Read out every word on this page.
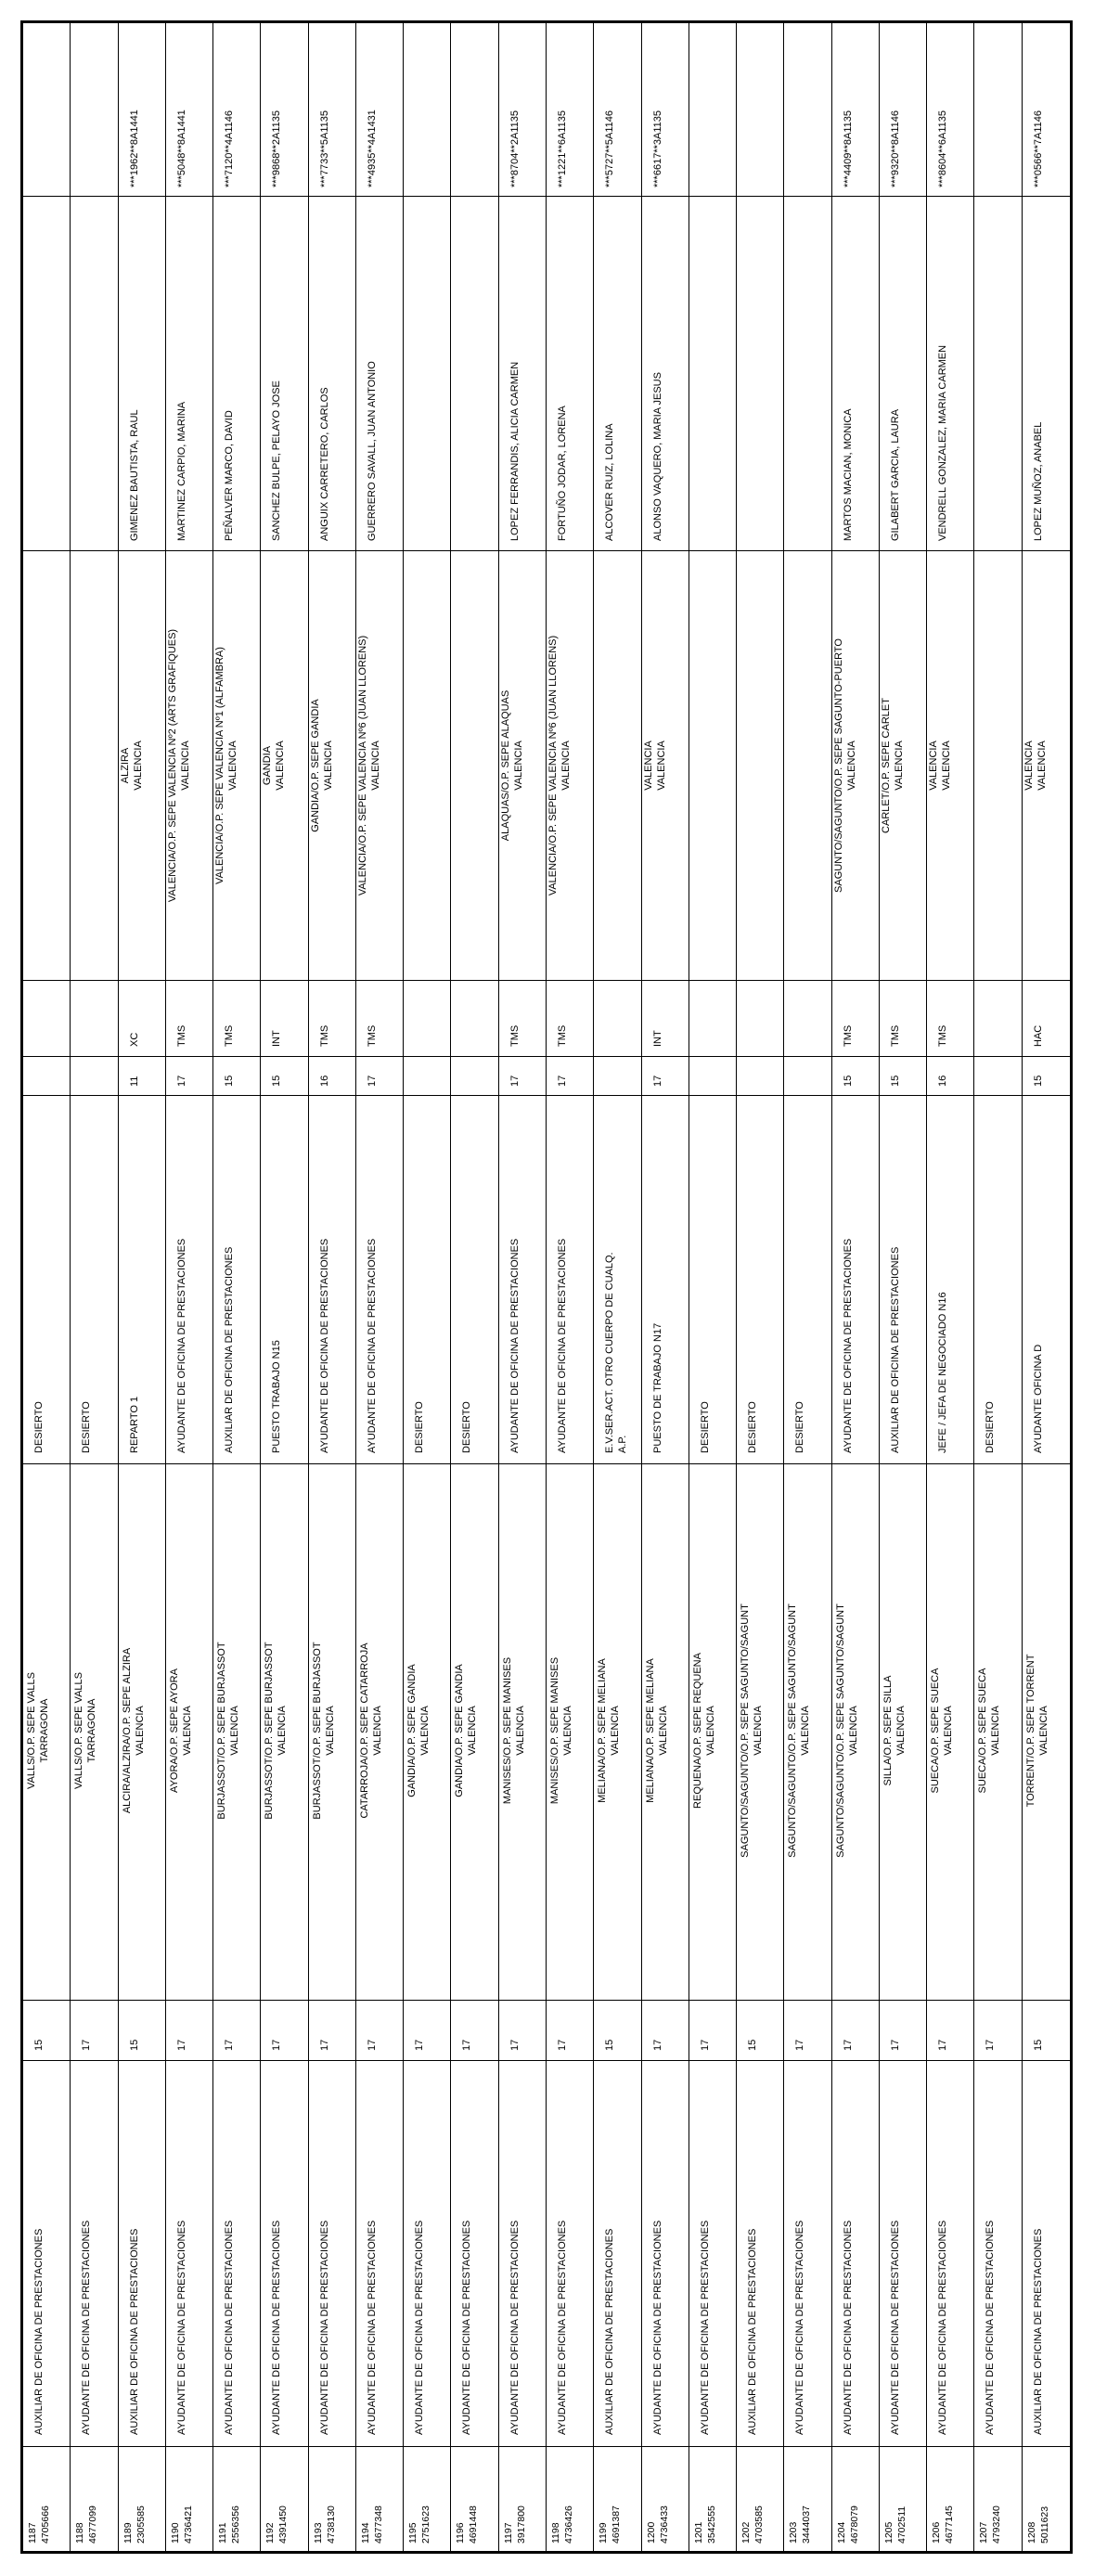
1187 4705666
AUXILIAR DE OFICINA DE PRESTACIONES
15
VALLS/O.P. SEPE VALLS TARRAGONA
DESIERTO

1188 4677099
AYUDANTE DE OFICINA DE PRESTACIONES
17
VALLS/O.P. SEPE VALLS TARRAGONA
DESIERTO

1189 2305585
AUXILIAR DE OFICINA DE PRESTACIONES
15
ALCIRA/ALZIRA/O.P. SEPE ALZIRA VALENCIA
REPARTO 1

11
XC
ALZIRA VALENCIA
GIMENEZ BAUTISTA, RAUL
***1962**8A1441
1190 4736421
AYUDANTE DE OFICINA DE PRESTACIONES
17
AYORA/O.P. SEPE AYORA VALENCIA
AYUDANTE DE OFICINA DE PRESTACIONES

17
TMS
VALENCIA/O.P. SEPE VALENCIA Nº2 (ARTS GRAFIQUES) VALENCIA
MARTINEZ CARPIO, MARINA
***5048**8A1441
1191 2556356
AYUDANTE DE OFICINA DE PRESTACIONES
17
BURJASSOT/O.P. SEPE BURJASSOT VALENCIA
AUXILIAR DE OFICINA DE PRESTACIONES

15
TMS
VALENCIA/O.P. SEPE VALENCIA Nº1 (ALFAMBRA) VALENCIA
PEÑALVER MARCO, DAVID
***7120**4A1146
1192 4391450
AYUDANTE DE OFICINA DE PRESTACIONES
17
BURJASSOT/O.P. SEPE BURJASSOT VALENCIA
PUESTO TRABAJO N15

15
INT
GANDIA VALENCIA
SANCHEZ BULPE, PELAYO JOSE
***9868**2A1135
1193 4738130
AYUDANTE DE OFICINA DE PRESTACIONES
17
BURJASSOT/O.P. SEPE BURJASSOT VALENCIA
AYUDANTE DE OFICINA DE PRESTACIONES

16
TMS
GANDIA/O.P. SEPE GANDIA VALENCIA
ANGUIX CARRETERO, CARLOS
***7733**5A1135
1194 4677348
AYUDANTE DE OFICINA DE PRESTACIONES
17
CATARROJA/O.P. SEPE CATARROJA VALENCIA
AYUDANTE DE OFICINA DE PRESTACIONES

17
TMS
VALENCIA/O.P. SEPE VALENCIA Nº6 (JUAN LLORENS) VALENCIA
GUERRERO SAVALL, JUAN ANTONIO
***4935**4A1431
1195 2751623
AYUDANTE DE OFICINA DE PRESTACIONES
17
GANDIA/O.P. SEPE GANDIA VALENCIA
DESIERTO

1196 4691448
AYUDANTE DE OFICINA DE PRESTACIONES
17
GANDIA/O.P. SEPE GANDIA VALENCIA
DESIERTO

1197 3917800
AYUDANTE DE OFICINA DE PRESTACIONES
17
MANISES/O.P. SEPE MANISES VALENCIA
AYUDANTE DE OFICINA DE PRESTACIONES

17
TMS
ALAQUAS/O.P. SEPE ALAQUAS VALENCIA
LOPEZ FERRANDIS, ALICIA CARMEN
***8704**2A1135
1198 4736426
AYUDANTE DE OFICINA DE PRESTACIONES
17
MANISES/O.P. SEPE MANISES VALENCIA
AYUDANTE DE OFICINA DE PRESTACIONES

17
TMS
VALENCIA/O.P. SEPE VALENCIA Nº6 (JUAN LLORENS) VALENCIA
FORTUÑO JODAR, LORENA
***1221**6A1135
1199 4691387
AUXILIAR DE OFICINA DE PRESTACIONES
15
MELIANA/O.P. SEPE MELIANA VALENCIA
E.V.SER.ACT. OTRO CUERPO DE CUALQ. A.P.
ALCOVER RUIZ, LOLINA
***5727**5A1146
1200 4736433
AYUDANTE DE OFICINA DE PRESTACIONES
17
MELIANA/O.P. SEPE MELIANA VALENCIA
PUESTO DE TRABAJO N17

17
INT
VALENCIA VALENCIA
ALONSO VAQUERO, MARIA JESUS
***6617**3A1135
1201 3542555
AYUDANTE DE OFICINA DE PRESTACIONES
17
REQUENA/O.P. SEPE REQUENA VALENCIA
DESIERTO

1202 4703585
AUXILIAR DE OFICINA DE PRESTACIONES
15
SAGUNTO/SAGUNTO/O.P. SEPE SAGUNTO/SAGUNT VALENCIA
DESIERTO

1203 3444037
AYUDANTE DE OFICINA DE PRESTACIONES
17
SAGUNTO/SAGUNTO/O.P. SEPE SAGUNTO/SAGUNT VALENCIA
DESIERTO

1204 4678079
AYUDANTE DE OFICINA DE PRESTACIONES
17
SAGUNTO/SAGUNTO/O.P. SEPE SAGUNTO/SAGUNT VALENCIA
AYUDANTE DE OFICINA DE PRESTACIONES

15
TMS
SAGUNTO/SAGUNTO/O.P. SEPE SAGUNTO-PUERTO VALENCIA
MARTOS MACIAN, MONICA
***4409**8A1135
1205 4702511
AYUDANTE DE OFICINA DE PRESTACIONES
17
SILLA/O.P. SEPE SILLA VALENCIA
AUXILIAR DE OFICINA DE PRESTACIONES

15
TMS
CARLET/O.P. SEPE CARLET VALENCIA
GILABERT GARCIA, LAURA
***9320**8A1146
1206 4677145
AYUDANTE DE OFICINA DE PRESTACIONES
17
SUECA/O.P. SEPE SUECA VALENCIA
JEFE / JEFA DE NEGOCIADO N16

16
TMS
VALENCIA VALENCIA
VENDRELL GONZALEZ, MARIA CARMEN
***8604**6A1135
1207 4793240
AYUDANTE DE OFICINA DE PRESTACIONES
17
SUECA/O.P. SEPE SUECA VALENCIA
DESIERTO

1208 5011623
AUXILIAR DE OFICINA DE PRESTACIONES
15
TORRENT/O.P. SEPE TORRENT VALENCIA
AYUDANTE OFICINA D

15
HAC
VALENCIA VALENCIA
LOPEZ MUÑOZ, ANABEL
***0566**7A1146
